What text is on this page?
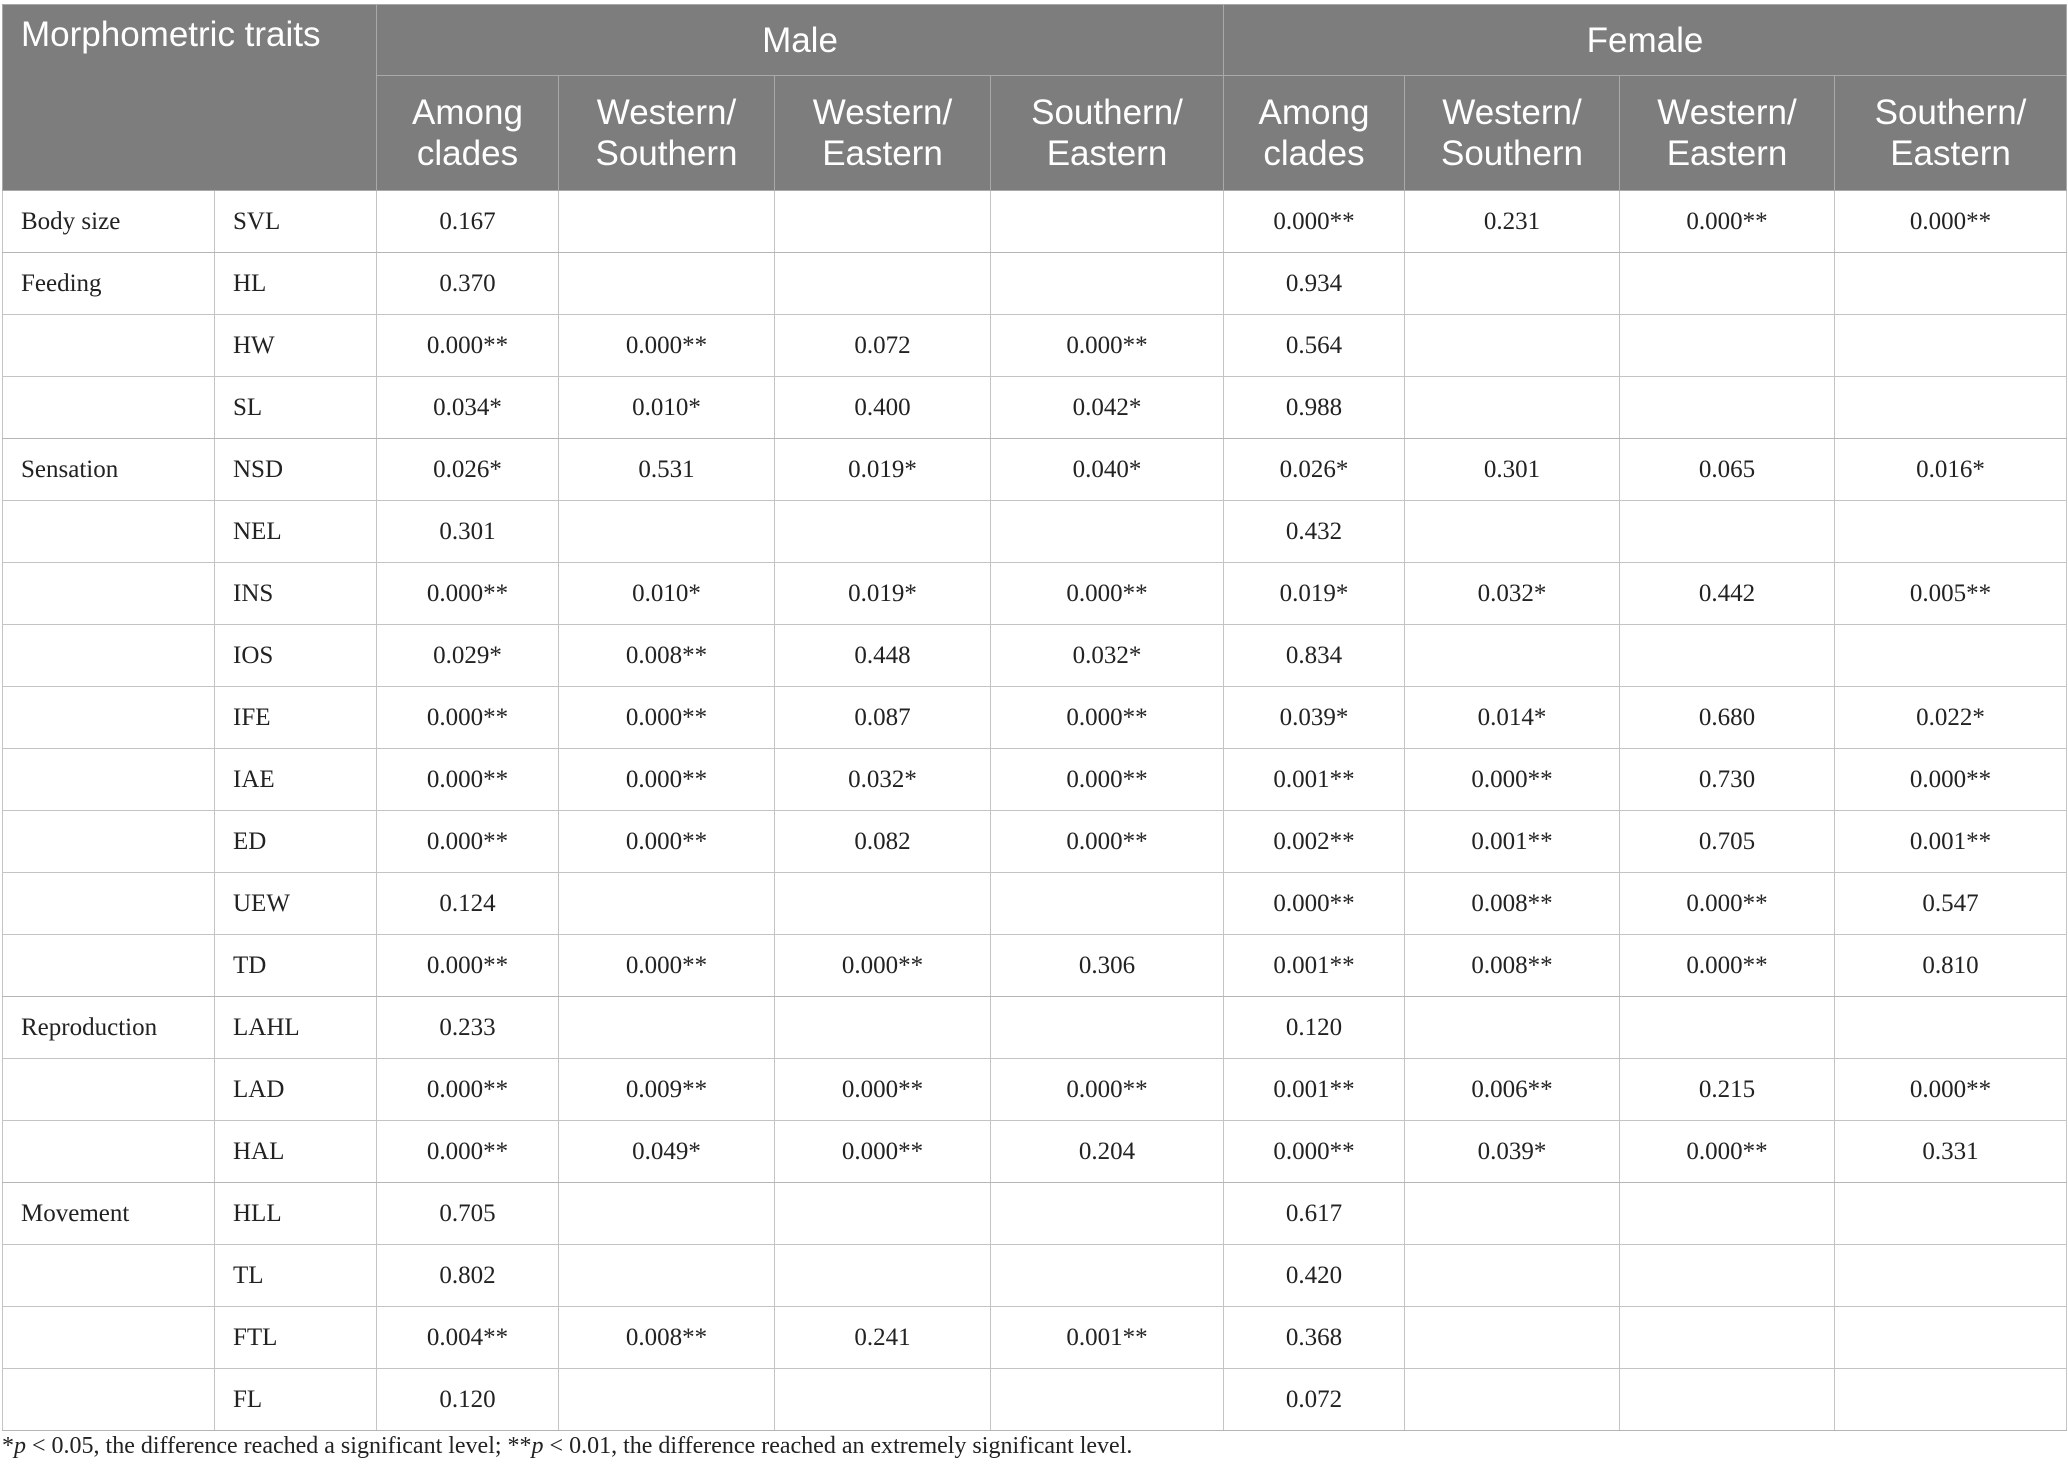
Morphometric traits		Male				Female			
		Among clades	Western/ Southern	Western/ Eastern	Southern/ Eastern	Among clades	Western/ Southern	Western/ Eastern	Southern/ Eastern
Body size	SVL	0.167				0.000**	0.231	0.000**	0.000**
Feeding	HL	0.370				0.934			
	HW	0.000**	0.000**	0.072	0.000**	0.564			
	SL	0.034*	0.010*	0.400	0.042*	0.988			
Sensation	NSD	0.026*	0.531	0.019*	0.040*	0.026*	0.301	0.065	0.016*
	NEL	0.301				0.432			
	INS	0.000**	0.010*	0.019*	0.000**	0.019*	0.032*	0.442	0.005**
	IOS	0.029*	0.008**	0.448	0.032*	0.834			
	IFE	0.000**	0.000**	0.087	0.000**	0.039*	0.014*	0.680	0.022*
	IAE	0.000**	0.000**	0.032*	0.000**	0.001**	0.000**	0.730	0.000**
	ED	0.000**	0.000**	0.082	0.000**	0.002**	0.001**	0.705	0.001**
	UEW	0.124				0.000**	0.008**	0.000**	0.547
	TD	0.000**	0.000**	0.000**	0.306	0.001**	0.008**	0.000**	0.810
Reproduction	LAHL	0.233				0.120			
	LAD	0.000**	0.009**	0.000**	0.000**	0.001**	0.006**	0.215	0.000**
	HAL	0.000**	0.049*	0.000**	0.204	0.000**	0.039*	0.000**	0.331
Movement	HLL	0.705				0.617			
	TL	0.802				0.420			
	FTL	0.004**	0.008**	0.241	0.001**	0.368			
	FL	0.120				0.072			
*p < 0.05, the difference reached a significant level; **p < 0.01, the difference reached an extremely significant level.
